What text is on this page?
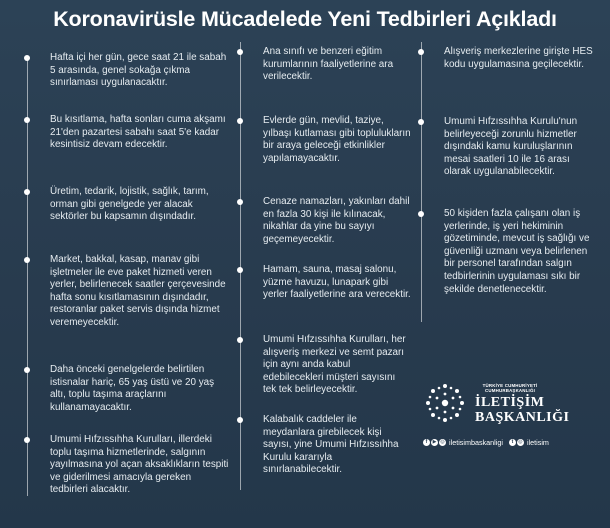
Koronavirüsle Mücadelede Yeni Tedbirleri Açıkladı
Hafta içi her gün, gece saat 21 ile sabah 5 arasında, genel sokağa çıkma sınırlaması uygulanacaktır.
Bu kısıtlama, hafta sonları cuma akşamı 21'den pazartesi sabahı saat 5'e kadar kesintisiz devam edecektir.
Üretim, tedarik, lojistik, sağlık, tarım, orman gibi genelgede yer alacak sektörler bu kapsamın dışındadır.
Market, bakkal, kasap, manav gibi işletmeler ile eve paket hizmeti veren yerler, belirlenecek saatler çerçevesinde hafta sonu kısıtlamasının dışındadır, restoranlar paket servis dışında hizmet veremeyecektir.
Daha önceki genelgelerde belirtilen istisnalar hariç, 65 yaş üstü ve 20 yaş altı, toplu taşıma araçlarını kullanamayacaktır.
Umumi Hıfzıssıhha Kurulları, illerdeki toplu taşıma hizmetlerinde, salgının yayılmasına yol açan aksaklıkların tespiti ve giderilmesi amacıyla gereken tedbirleri alacaktır.
Ana sınıfı ve benzeri eğitim kurumlarının faaliyetlerine ara verilecektir.
Evlerde gün, mevlid, taziye, yılbaşı kutlaması gibi toplulukların bir araya geleceği etkinlikler yapılamayacaktır.
Cenaze namazları, yakınları dahil en fazla 30 kişi ile kılınacak, nikahlar da yine bu sayıyı geçemeyecektir.
Hamam, sauna, masaj salonu, yüzme havuzu, lunapark gibi yerler faaliyetlerine ara verecektir.
Umumi Hıfzıssıhha Kurulları, her alışveriş merkezi ve semt pazarı için aynı anda kabul edebilecekleri müşteri sayısını tek tek belirleyecektir.
Kalabalık caddeler ile meydanlara girebilecek kişi sayısı, yine Umumi Hıfzıssıhha Kurulu kararıyla sınırlanabilecektir.
Alışveriş merkezlerine girişte HES kodu uygulamasına geçilecektir.
Umumi Hıfzıssıhha Kurulu'nun belirleyeceği zorunlu hizmetler dışındaki kamu kuruluşlarının mesai saatleri 10 ile 16 arası olarak uygulanabilecektir.
50 kişiden fazla çalışanı olan iş yerlerinde, iş yeri hekiminin gözetiminde, mevcut iş sağlığı ve güvenliği uzmanı veya belirlenen bir personel tarafından salgın tedbirlerinin uygulaması sıkı bir şekilde denetlenecektir.
TÜRKİYE CUMHURİYETİ
CUMHURBAŞKANLIĞI
İLETİŞİM
BAŞKANLIĞI
f	▶ ◎ iletisimbaskanligi	t ◎ iletisim
